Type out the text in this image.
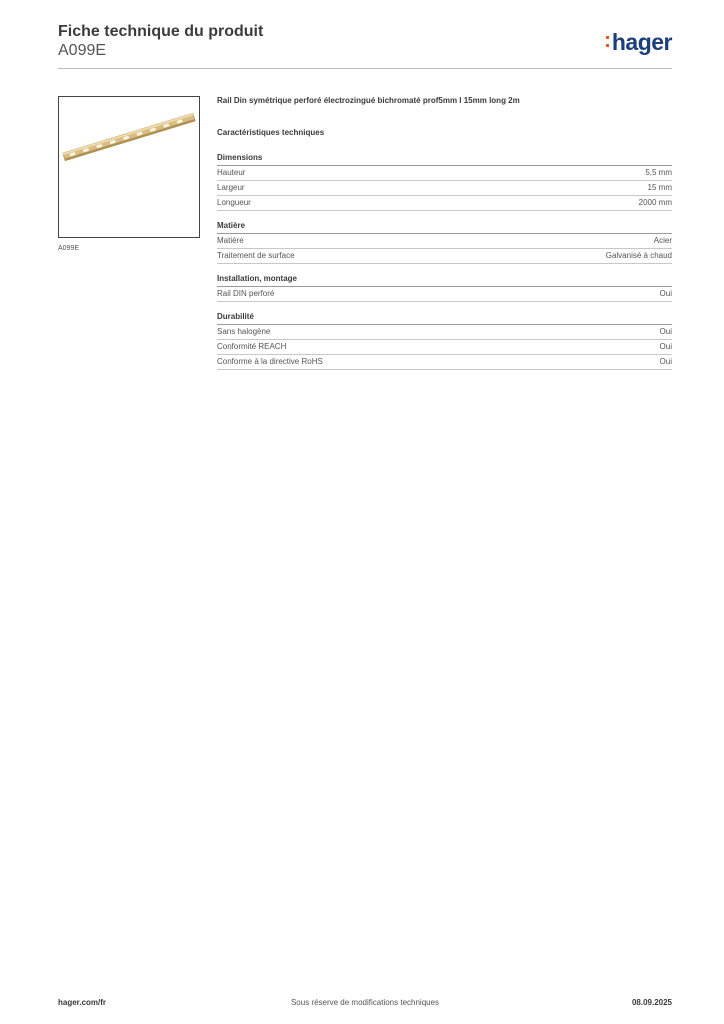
Fiche technique du produit
A099E	hager
A099E
Rail Din symétrique perforé électrozingué bichromaté prof5mm l 15mm long 2m
Caractéristiques techniques
Dimensions
Hauteur	5,5 mm
Largeur	15 mm
Longueur	2000 mm
Matière
Matière	Acier
Traitement de surface	Galvanisé à chaud
Installation, montage
Rail DIN perforé	Oui
Durabilité
Sans halogène	Oui
Conformité REACH	Oui
Conforme à la directive RoHS	Oui
hager.com/fr	Sous réserve de modifications techniques	08.09.2025
